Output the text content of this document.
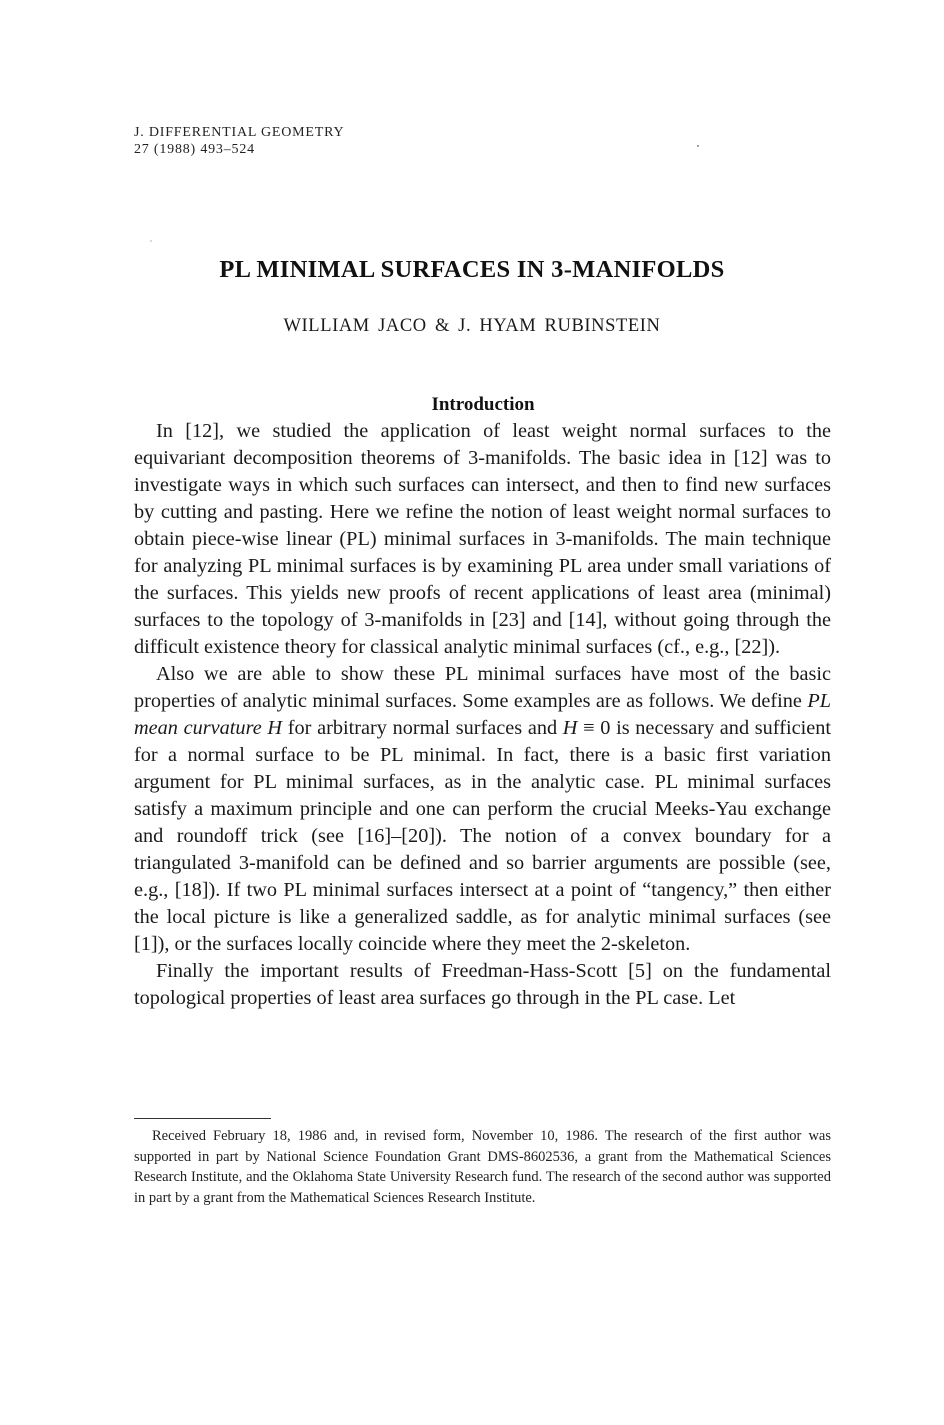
J. DIFFERENTIAL GEOMETRY
27 (1988) 493–524
PL MINIMAL SURFACES IN 3-MANIFOLDS
WILLIAM JACO & J. HYAM RUBINSTEIN
Introduction

In [12], we studied the application of least weight normal surfaces to the equivariant decomposition theorems of 3-manifolds. The basic idea in [12] was to investigate ways in which such surfaces can intersect, and then to find new surfaces by cutting and pasting. Here we refine the notion of least weight normal surfaces to obtain piece-wise linear (PL) minimal surfaces in 3-manifolds. The main technique for analyzing PL minimal surfaces is by examining PL area under small variations of the surfaces. This yields new proofs of recent applications of least area (minimal) surfaces to the topology of 3-manifolds in [23] and [14], without going through the difficult existence theory for classical analytic minimal surfaces (cf., e.g., [22]).

Also we are able to show these PL minimal surfaces have most of the basic properties of analytic minimal surfaces. Some examples are as follows. We define PL mean curvature H for arbitrary normal surfaces and H ≡ 0 is necessary and sufficient for a normal surface to be PL minimal. In fact, there is a basic first variation argument for PL minimal surfaces, as in the analytic case. PL minimal surfaces satisfy a maximum principle and one can perform the crucial Meeks-Yau exchange and roundoff trick (see [16]–[20]). The notion of a convex boundary for a triangulated 3-manifold can be defined and so barrier arguments are possible (see, e.g., [18]). If two PL minimal surfaces intersect at a point of “tangency,” then either the local picture is like a generalized saddle, as for analytic minimal surfaces (see [1]), or the surfaces locally coincide where they meet the 2-skeleton.

Finally the important results of Freedman-Hass-Scott [5] on the fundamental topological properties of least area surfaces go through in the PL case. Let

Received February 18, 1986 and, in revised form, November 10, 1986. The research of the first author was supported in part by National Science Foundation Grant DMS-8602536, a grant from the Mathematical Sciences Research Institute, and the Oklahoma State University Research fund. The research of the second author was supported in part by a grant from the Mathematical Sciences Research Institute.
